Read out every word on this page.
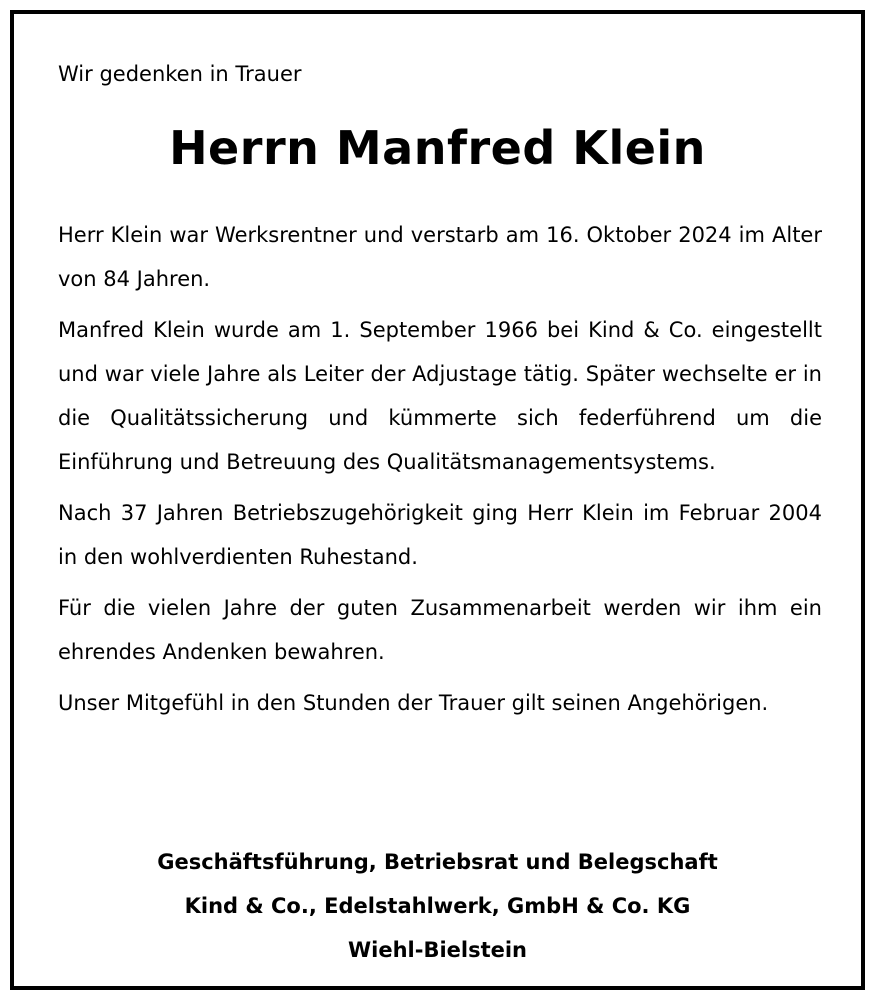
Wir gedenken in Trauer

Herrn Manfred Klein

Herr Klein war Werksrentner und verstarb am 16. Oktober 2024 im Alter von 84 Jahren.

Manfred Klein wurde am 1. September 1966 bei Kind & Co. eingestellt und war viele Jahre als Leiter der Adjustage tätig. Später wechselte er in die Qualitätssicherung und kümmerte sich federführend um die Einführung und Betreuung des Qualitätsmanagementsystems.

Nach 37 Jahren Betriebszugehörigkeit ging Herr Klein im Februar 2004 in den wohlverdienten Ruhestand.

Für die vielen Jahre der guten Zusammenarbeit werden wir ihm ein ehrendes Andenken bewahren.

Unser Mitgefühl in den Stunden der Trauer gilt seinen Angehörigen.

Geschäftsführung, Betriebsrat und Belegschaft

Kind & Co., Edelstahlwerk, GmbH & Co. KG

Wiehl-Bielstein
